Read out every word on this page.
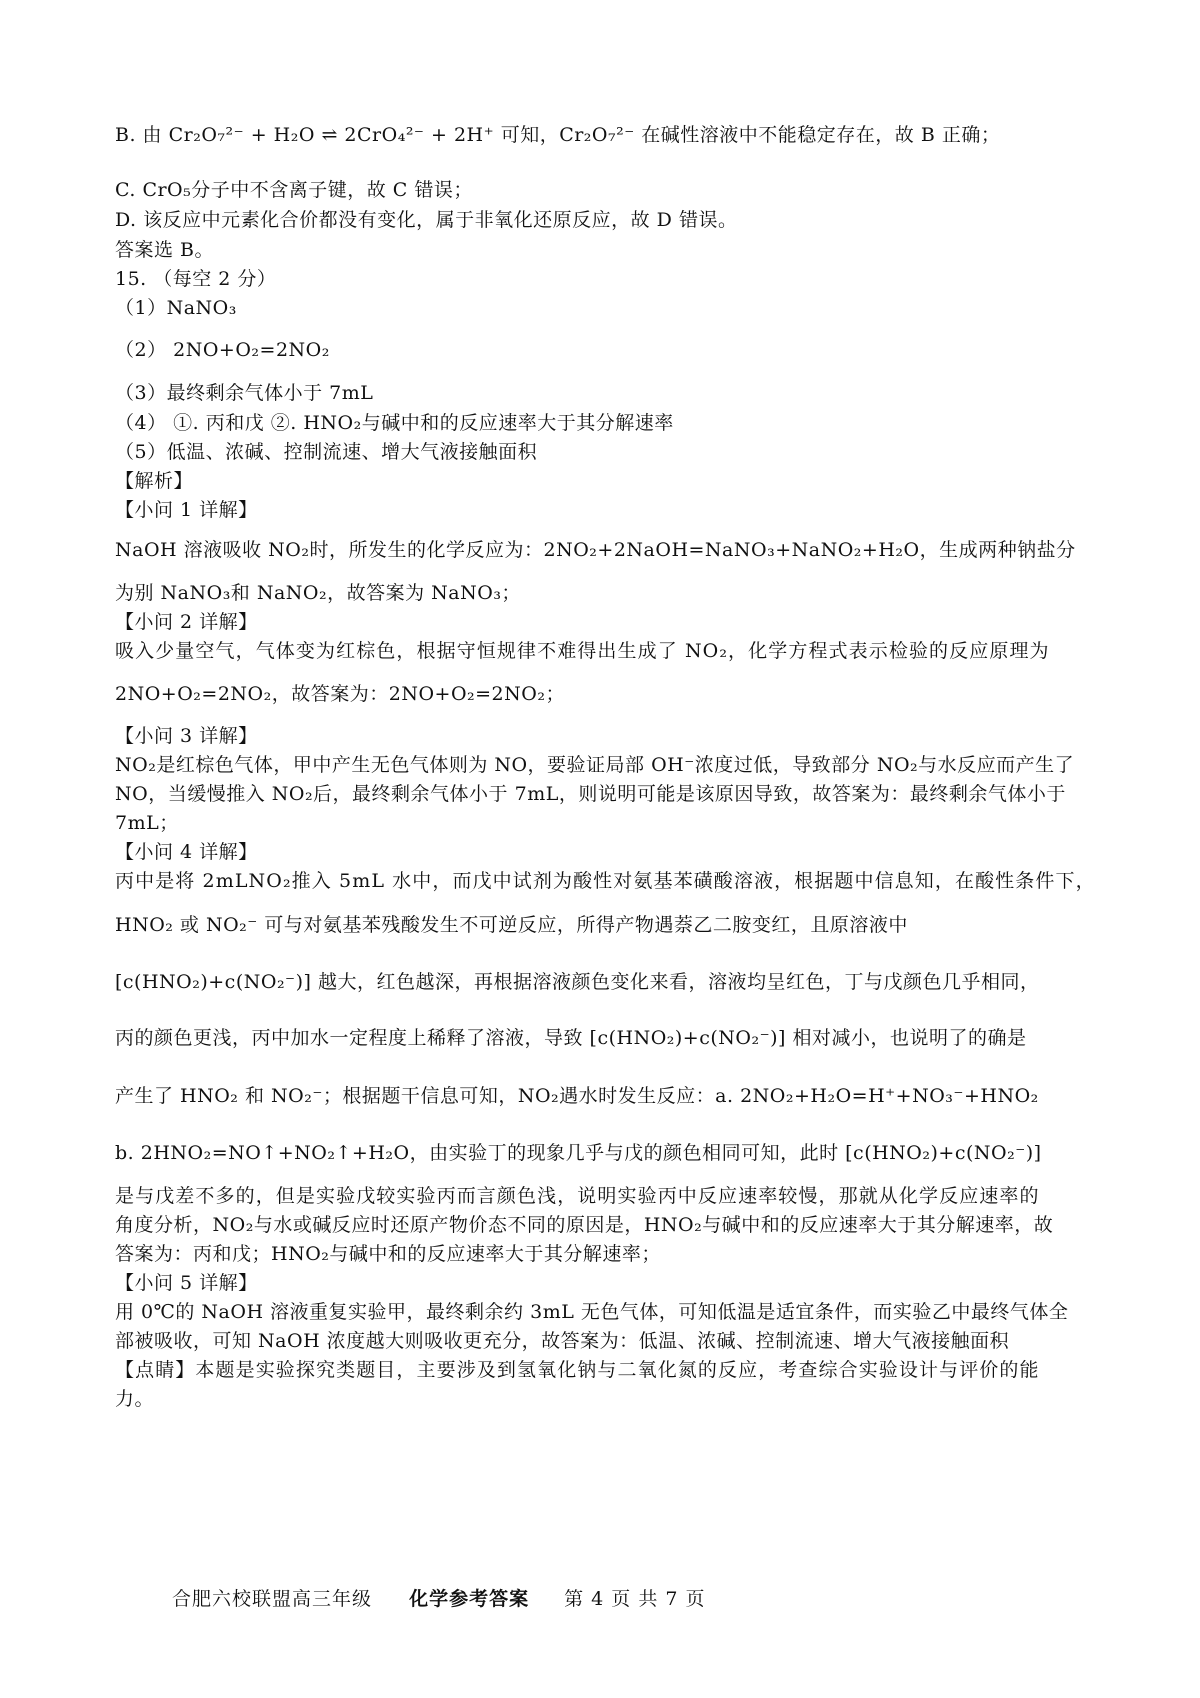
B. 由 Cr₂O₇²⁻ + H₂O ⇌ 2CrO₄²⁻ + 2H⁺ 可知，Cr₂O₇²⁻ 在碱性溶液中不能稳定存在，故 B 正确；
C. CrO₅分子中不含离子键，故 C 错误；
D. 该反应中元素化合价都没有变化，属于非氧化还原反应，故 D 错误。
答案选 B。
15. （每空 2 分）
（1）NaNO₃
（2） 2NO+O₂=2NO₂
（3）最终剩余气体小于 7mL
（4） ①. 丙和戊 ②. HNO₂与碱中和的反应速率大于其分解速率
（5）低温、浓碱、控制流速、增大气液接触面积
【解析】
【小问 1 详解】
NaOH 溶液吸收 NO₂时，所发生的化学反应为：2NO₂+2NaOH=NaNO₃+NaNO₂+H₂O，生成两种钠盐分
为别 NaNO₃和 NaNO₂，故答案为 NaNO₃；
【小问 2 详解】
吸入少量空气，气体变为红棕色，根据守恒规律不难得出生成了 NO₂，化学方程式表示检验的反应原理为
2NO+O₂=2NO₂，故答案为：2NO+O₂=2NO₂；
【小问 3 详解】
NO₂是红棕色气体，甲中产生无色气体则为 NO，要验证局部 OH⁻浓度过低，导致部分 NO₂与水反应而产生了
NO，当缓慢推入 NO₂后，最终剩余气体小于 7mL，则说明可能是该原因导致，故答案为：最终剩余气体小于
7mL；
【小问 4 详解】
丙中是将 2mLNO₂推入 5mL 水中，而戊中试剂为酸性对氨基苯磺酸溶液，根据题中信息知，在酸性条件下，
HNO₂ 或 NO₂⁻ 可与对氨基苯残酸发生不可逆反应，所得产物遇萘乙二胺变红，且原溶液中
[c(HNO₂)+c(NO₂⁻)] 越大，红色越深，再根据溶液颜色变化来看，溶液均呈红色，丁与戊颜色几乎相同，
丙的颜色更浅，丙中加水一定程度上稀释了溶液，导致 [c(HNO₂)+c(NO₂⁻)] 相对减小，也说明了的确是
产生了 HNO₂ 和 NO₂⁻；根据题干信息可知，NO₂遇水时发生反应：a. 2NO₂+H₂O=H⁺+NO₃⁻+HNO₂
b. 2HNO₂=NO↑+NO₂↑+H₂O，由实验丁的现象几乎与戊的颜色相同可知，此时 [c(HNO₂)+c(NO₂⁻)]
是与戊差不多的，但是实验戊较实验丙而言颜色浅，说明实验丙中反应速率较慢，那就从化学反应速率的
角度分析，NO₂与水或碱反应时还原产物价态不同的原因是，HNO₂与碱中和的反应速率大于其分解速率，故
答案为：丙和戊；HNO₂与碱中和的反应速率大于其分解速率；
【小问 5 详解】
用 0℃的 NaOH 溶液重复实验甲，最终剩余约 3mL 无色气体，可知低温是适宜条件，而实验乙中最终气体全
部被吸收，可知 NaOH 浓度越大则吸收更充分，故答案为：低温、浓碱、控制流速、增大气液接触面积
【点睛】本题是实验探究类题目，主要涉及到氢氧化钠与二氧化氮的反应，考查综合实验设计与评价的能
力。
合肥六校联盟高三年级 化学参考答案 第 4 页 共 7 页
